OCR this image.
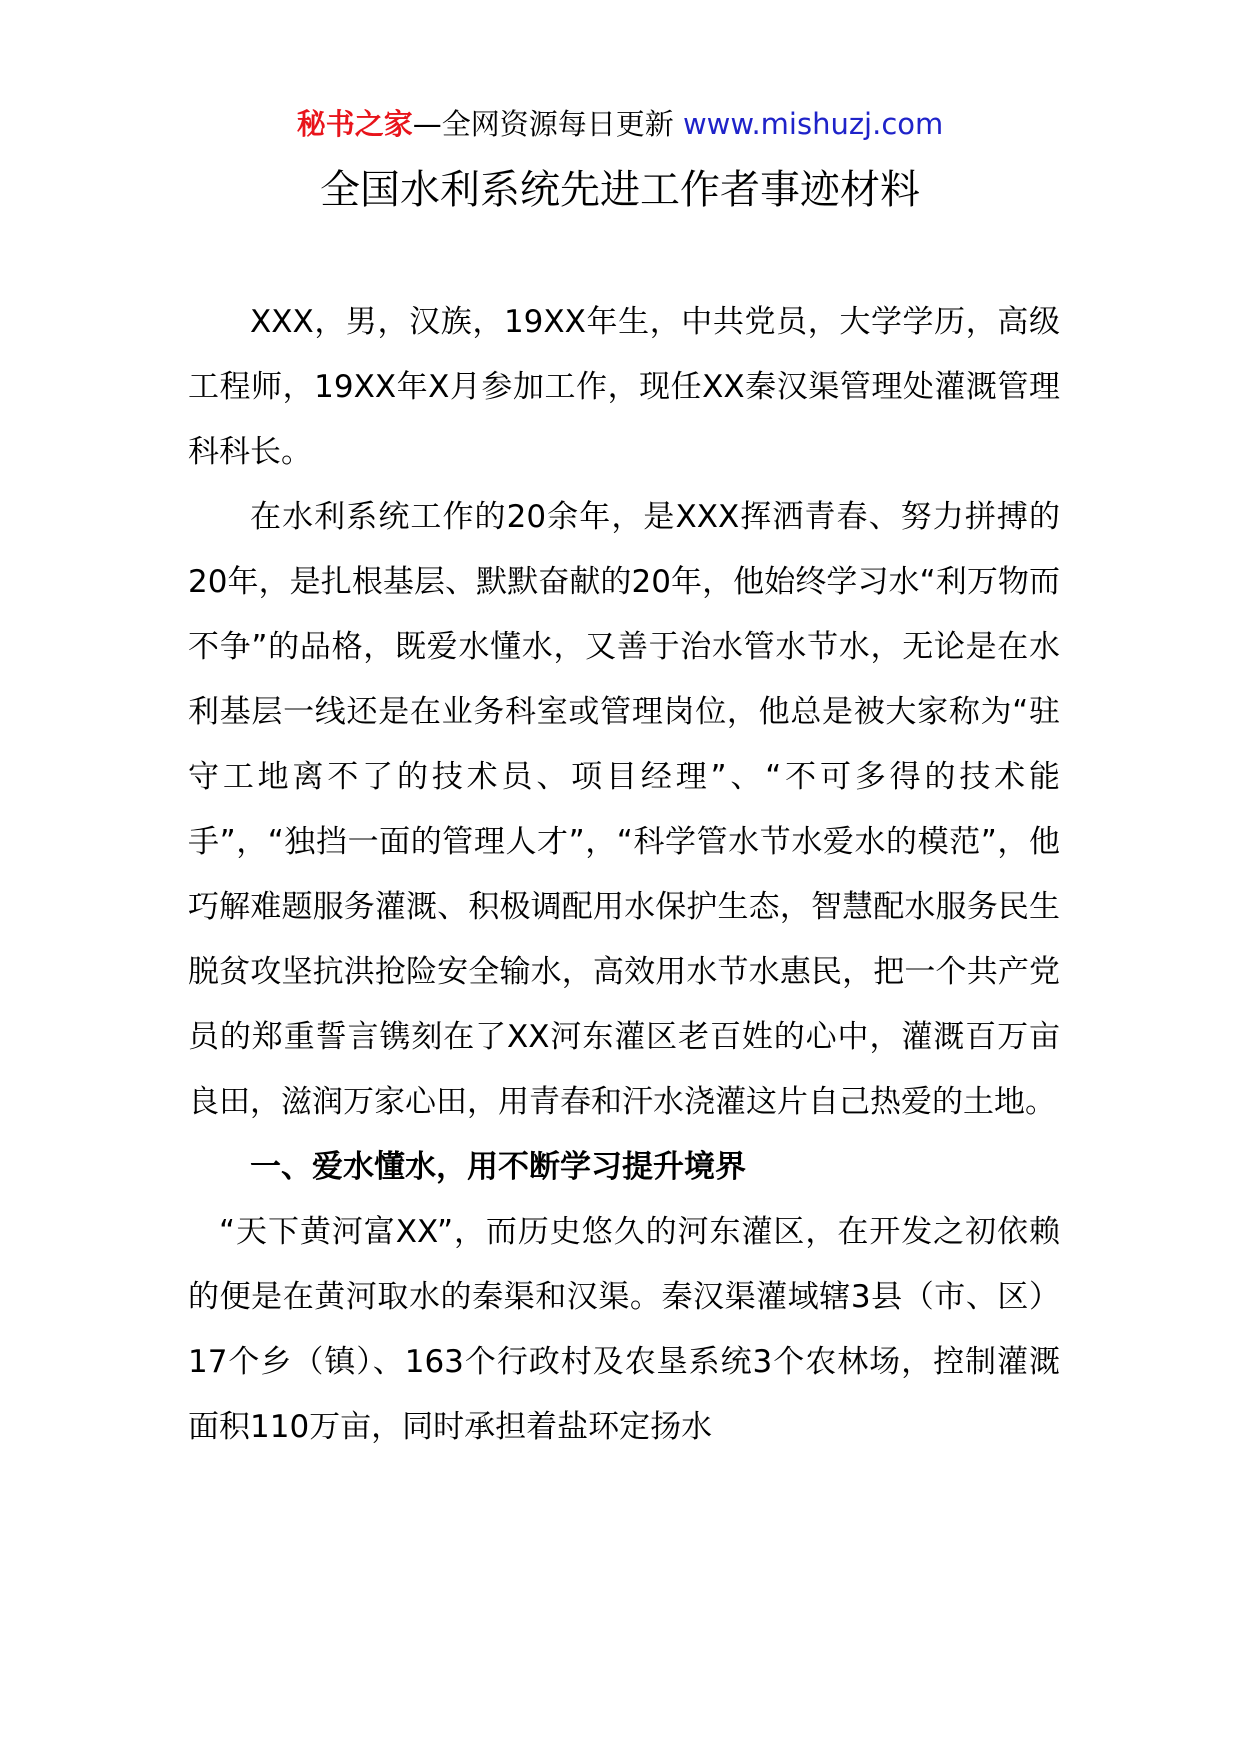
秘书之家—全网资源每日更新 www.mishuzj.com
全国水利系统先进工作者事迹材料

XXX，男，汉族，19XX年生，中共党员，大学学历，高级工程师，19XX年X月参加工作，现任XX秦汉渠管理处灌溉管理科科长。

在水利系统工作的20余年，是XXX挥洒青春、努力拼搏的20年，是扎根基层、默默奋献的20年，他始终学习水“利万物而不争”的品格，既爱水懂水，又善于治水管水节水，无论是在水利基层一线还是在业务科室或管理岗位，他总是被大家称为“驻守工地离不了的技术员、项目经理”、“不可多得的技术能手”，“独挡一面的管理人才”，“科学管水节水爱水的模范”，他巧解难题服务灌溉、积极调配用水保护生态，智慧配水服务民生脱贫攻坚抗洪抢险安全输水，高效用水节水惠民，把一个共产党员的郑重誓言镌刻在了XX河东灌区老百姓的心中，灌溉百万亩良田，滋润万家心田，用青春和汗水浇灌这片自己热爱的土地。

一、爱水懂水，用不断学习提升境界

“天下黄河富XX”，而历史悠久的河东灌区，在开发之初依赖的便是在黄河取水的秦渠和汉渠。秦汉渠灌域辖3县（市、区）17个乡（镇）、163个行政村及农垦系统3个农林场，控制灌溉面积110万亩，同时承担着盐环定扬水
